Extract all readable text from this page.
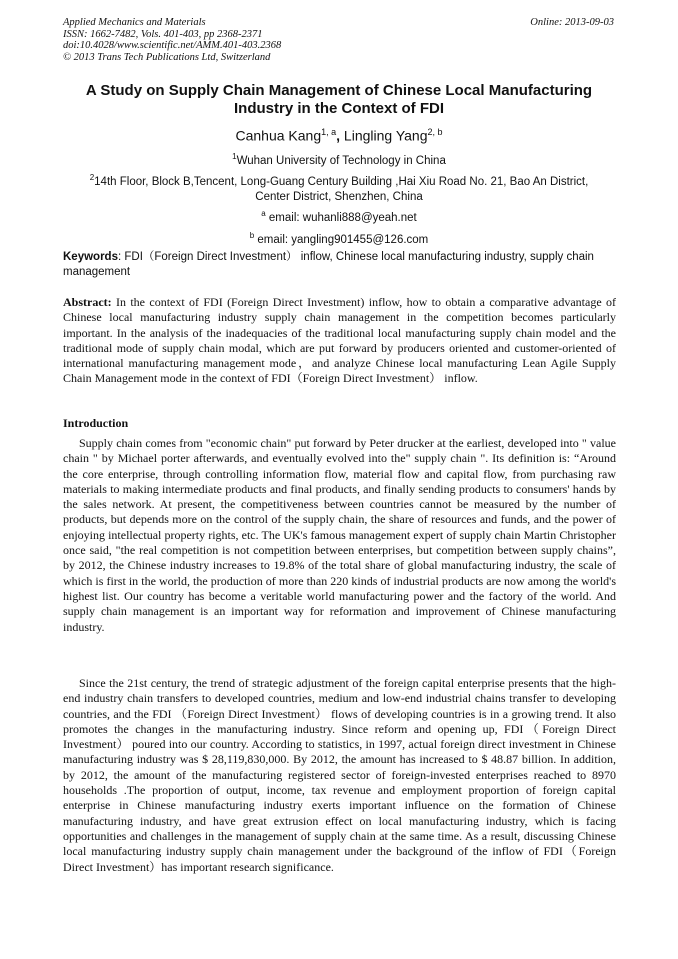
Applied Mechanics and Materials
ISSN: 1662-7482, Vols. 401-403, pp 2368-2371
doi:10.4028/www.scientific.net/AMM.401-403.2368
© 2013 Trans Tech Publications Ltd, Switzerland
Online: 2013-09-03
A Study on Supply Chain Management of Chinese Local Manufacturing
Industry in the Context of FDI
Canhua Kang$^{1, a}$, Lingling Yang$^{2, b}$
$^1$Wuhan University of Technology in China
$^2$14th Floor, Block B,Tencent, Long-Guang Century Building ,Hai Xiu Road No. 21, Bao An District,
Center District, Shenzhen, China
$^a$ email: wuhanli888@yeah.net
$^b$ email: yangling901455@126.com
Keywords: FDI（Foreign Direct Investment） inflow, Chinese local manufacturing industry, supply chain management
Abstract: In the context of FDI (Foreign Direct Investment) inflow, how to obtain a comparative advantage of Chinese local manufacturing industry supply chain management in the competition becomes particularly important. In the analysis of the inadequacies of the traditional local manufacturing supply chain model and the traditional mode of supply chain modal, which are put forward by producers oriented and customer-oriented of international manufacturing management mode，and analyze Chinese local manufacturing Lean Agile Supply Chain Management mode in the context of FDI（Foreign Direct Investment） inflow.
Introduction
Supply chain comes from "economic chain" put forward by Peter drucker at the earliest, developed into " value chain " by Michael porter afterwards, and eventually evolved into the" supply chain ". Its definition is: “Around the core enterprise, through controlling information flow, material flow and capital flow, from purchasing raw materials to making intermediate products and final products, and finally sending products to consumers' hands by the sales network. At present, the competitiveness between countries cannot be measured by the number of products, but depends more on the control of the supply chain, the share of resources and funds, and the power of enjoying intellectual property rights, etc. The UK's famous management expert of supply chain Martin Christopher once said, "the real competition is not competition between enterprises, but competition between supply chains”, by 2012, the Chinese industry increases to 19.8% of the total share of global manufacturing industry, the scale of which is first in the world, the production of more than 220 kinds of industrial products are now among the world's highest list. Our country has become a veritable world manufacturing power and the factory of the world. And supply chain management is an important way for reformation and improvement of Chinese manufacturing industry.
Since the 21st century, the trend of strategic adjustment of the foreign capital enterprise presents that the high-end industry chain transfers to developed countries, medium and low-end industrial chains transfer to developing countries, and the FDI （Foreign Direct Investment） flows of developing countries is in a growing trend. It also promotes the changes in the manufacturing industry. Since reform and opening up, FDI（Foreign Direct Investment） poured into our country. According to statistics, in 1997, actual foreign direct investment in Chinese manufacturing industry was $ 28,119,830,000. By 2012, the amount has increased to $ 48.87 billion. In addition, by 2012, the amount of the manufacturing registered sector of foreign-invested enterprises reached to 8970 households .The proportion of output, income, tax revenue and employment proportion of foreign capital enterprise in Chinese manufacturing industry exerts important influence on the formation of Chinese manufacturing industry, and have great extrusion effect on local manufacturing industry, which is facing opportunities and challenges in the management of supply chain at the same time. As a result, discussing Chinese local manufacturing industry supply chain management under the background of the inflow of FDI（Foreign Direct Investment）has important research significance.
